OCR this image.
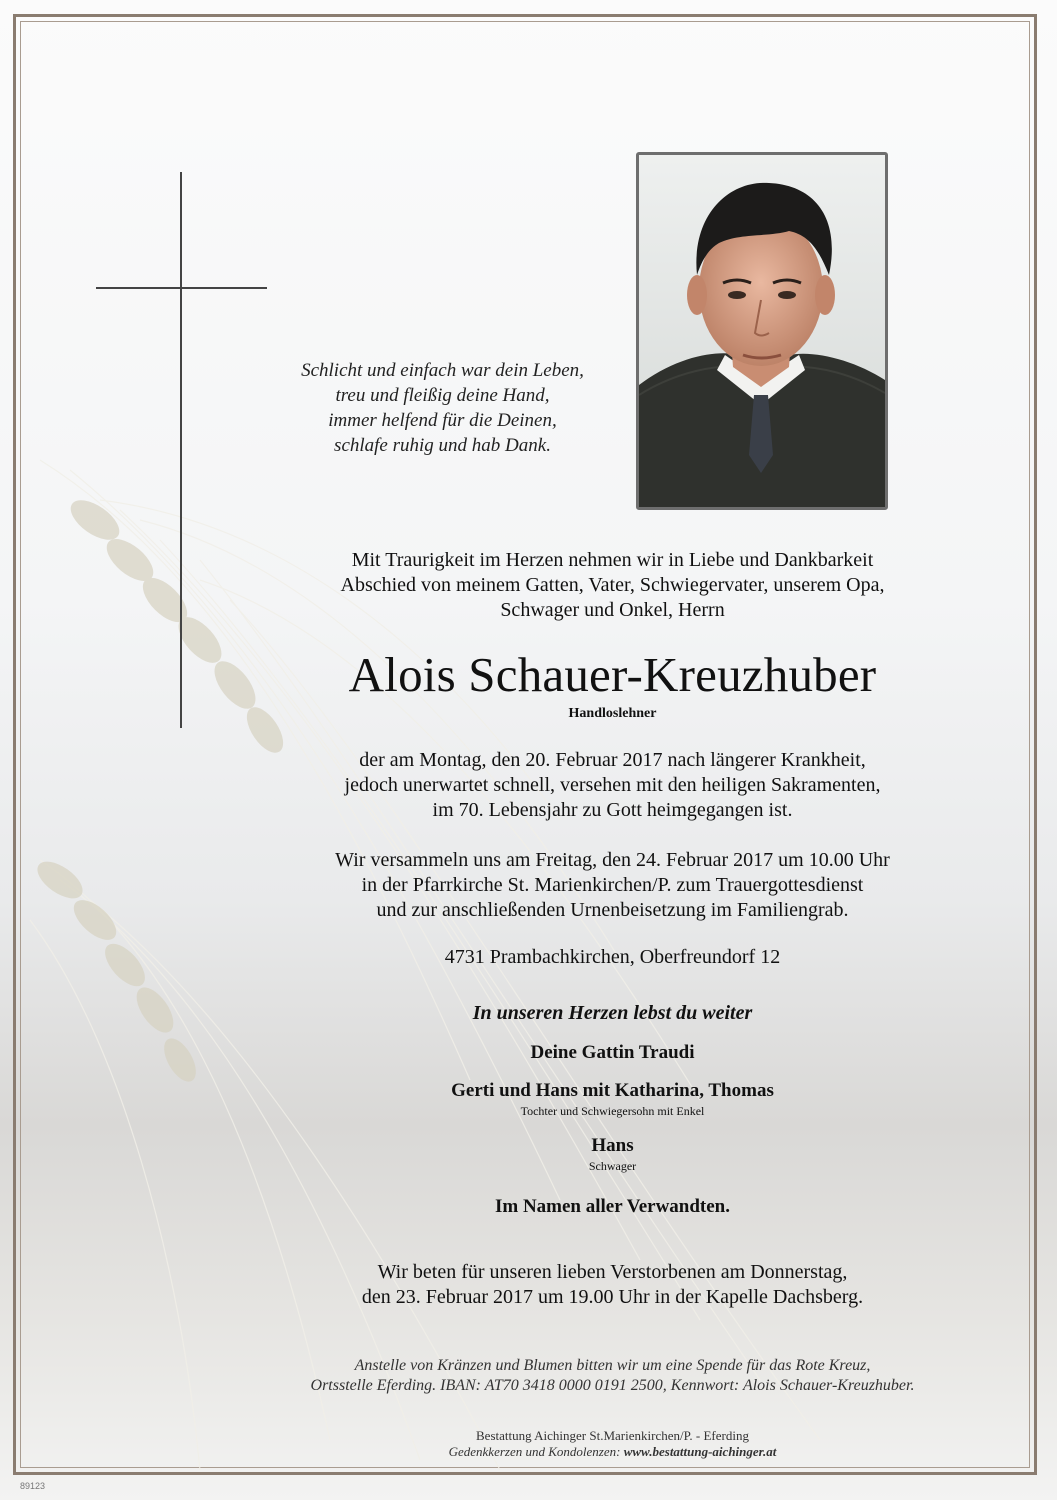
Schlicht und einfach war dein Leben,
treu und fleißig deine Hand,
immer helfend für die Deinen,
schlafe ruhig und hab Dank.
Mit Traurigkeit im Herzen nehmen wir in Liebe und Dankbarkeit
Abschied von meinem Gatten, Vater, Schwiegervater, unserem Opa,
Schwager und Onkel, Herrn
Alois Schauer-Kreuzhuber
Handloslehner
der am Montag, den 20. Februar 2017 nach längerer Krankheit,
jedoch unerwartet schnell, versehen mit den heiligen Sakramenten,
im 70. Lebensjahr zu Gott heimgegangen ist.
Wir versammeln uns am Freitag, den 24. Februar 2017 um 10.00 Uhr
in der Pfarrkirche St. Marienkirchen/P. zum Trauergottesdienst
und zur anschließenden Urnenbeisetzung im Familiengrab.
4731 Prambachkirchen, Oberfreundorf 12
In unseren Herzen lebst du weiter
Deine Gattin Traudi
Gerti und Hans mit Katharina, Thomas
Tochter und Schwiegersohn mit Enkel
Hans
Schwager
Im Namen aller Verwandten.
Wir beten für unseren lieben Verstorbenen am Donnerstag,
den 23. Februar 2017 um 19.00 Uhr in der Kapelle Dachsberg.
Anstelle von Kränzen und Blumen bitten wir um eine Spende für das Rote Kreuz,
Ortsstelle Eferding. IBAN: AT70 3418 0000 0191 2500, Kennwort: Alois Schauer-Kreuzhuber.
Bestattung Aichinger St.Marienkirchen/P. - Eferding
Gedenkkerzen und Kondolenzen: www.bestattung-aichinger.at
89123
